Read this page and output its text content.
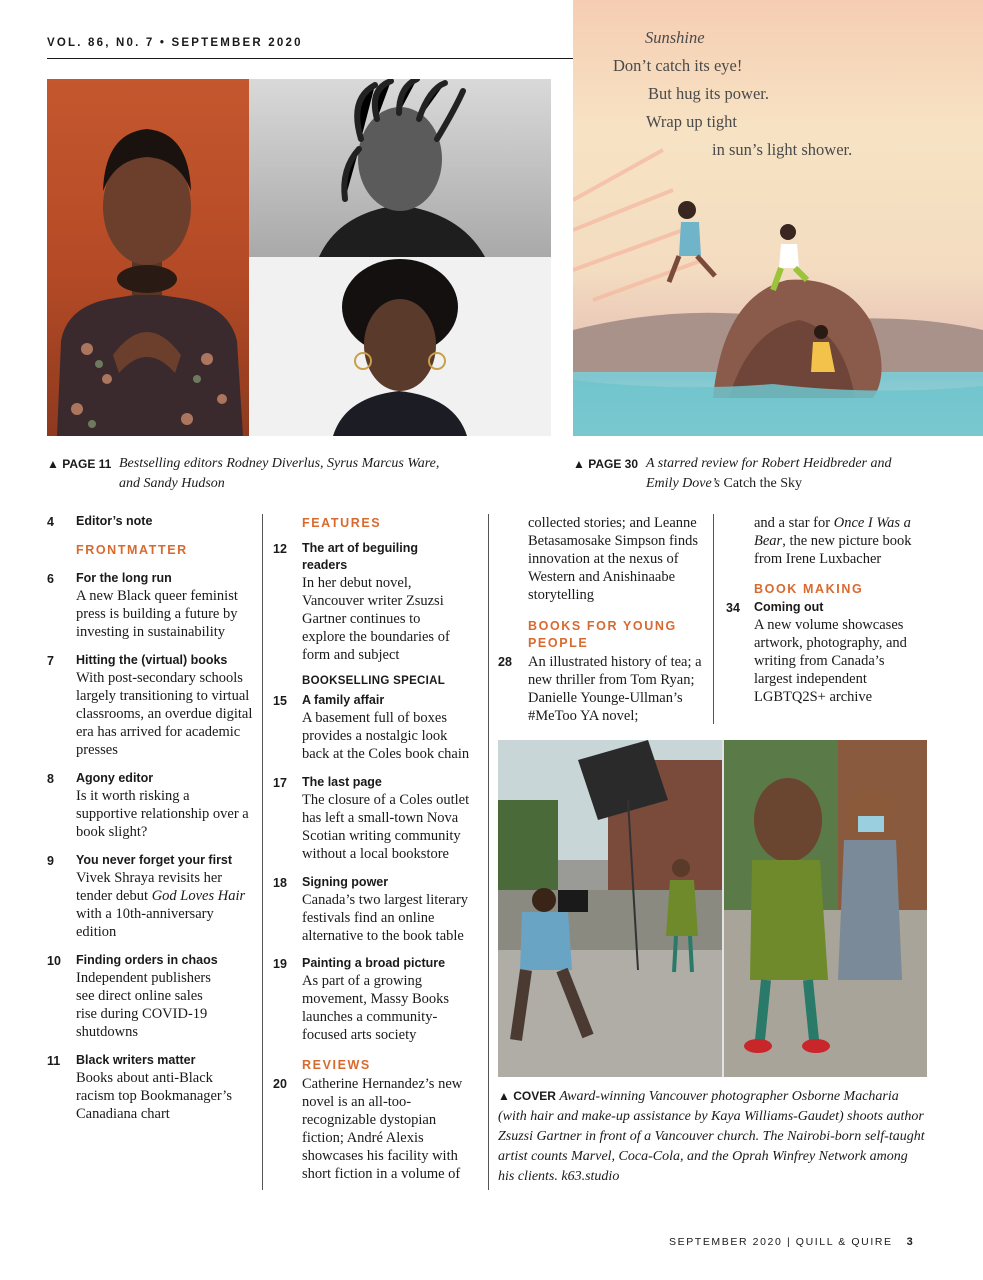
VOL. 86, N0. 7 • SEPTEMBER 2020	Sunshine
Don’t catch its eye!
But hug its power.
Wrap up tight
in sun’s light shower.
▲ PAGE 11 Bestselling editors Rodney Diverlus, Syrus Marcus Ware, and Sandy Hudson
▲ PAGE 30 A starred review for Robert Heidbreder and Emily Dove’s Catch the Sky
4 Editor’s note
FRONTMATTER
6 For the long run
A new Black queer feminist press is building a future by investing in sustainability
7 Hitting the (virtual) books
With post-secondary schools largely transitioning to virtual classrooms, an overdue digital era has arrived for academic presses
8 Agony editor
Is it worth risking a supportive relationship over a book slight?
9 You never forget your first
Vivek Shraya revisits her tender debut God Loves Hair with a 10th-anniversary edition
10 Finding orders in chaos
Independent publishers see direct online sales rise during COVID-19 shutdowns
11 Black writers matter
Books about anti-Black racism top Bookmanager’s Canadiana chart
FEATURES
12 The art of beguiling readers
In her debut novel, Vancouver writer Zsuzsi Gartner continues to explore the boundaries of form and subject
BOOKSELLING SPECIAL
15 A family affair
A basement full of boxes provides a nostalgic look back at the Coles book chain
17 The last page
The closure of a Coles outlet has left a small-town Nova Scotian writing community without a local bookstore
18 Signing power
Canada’s two largest literary festivals find an online alternative to the book table
19 Painting a broad picture
As part of a growing movement, Massy Books launches a community-focused arts society
REVIEWS
20 Catherine Hernandez’s new novel is an all-too-recognizable dystopian fiction; André Alexis showcases his facility with short fiction in a volume of
collected stories; and Leanne Betasamosake Simpson finds innovation at the nexus of Western and Anishinaabe storytelling
BOOKS FOR YOUNG PEOPLE
28 An illustrated history of tea; a new thriller from Tom Ryan; Danielle Younge-Ullman’s #MeToo YA novel;
and a star for Once I Was a Bear, the new picture book from Irene Luxbacher
BOOK MAKING
34 Coming out
A new volume showcases artwork, photography, and writing from Canada’s largest independent LGBTQ2S+ archive
▲ COVER Award-winning Vancouver photographer Osborne Macharia (with hair and make-up assistance by Kaya Williams-Gaudet) shoots author Zsuzsi Gartner in front of a Vancouver church. The Nairobi-born self-taught artist counts Marvel, Coca-Cola, and the Oprah Winfrey Network among his clients. k63.studio
SEPTEMBER 2020 | QUILL & QUIRE 3
